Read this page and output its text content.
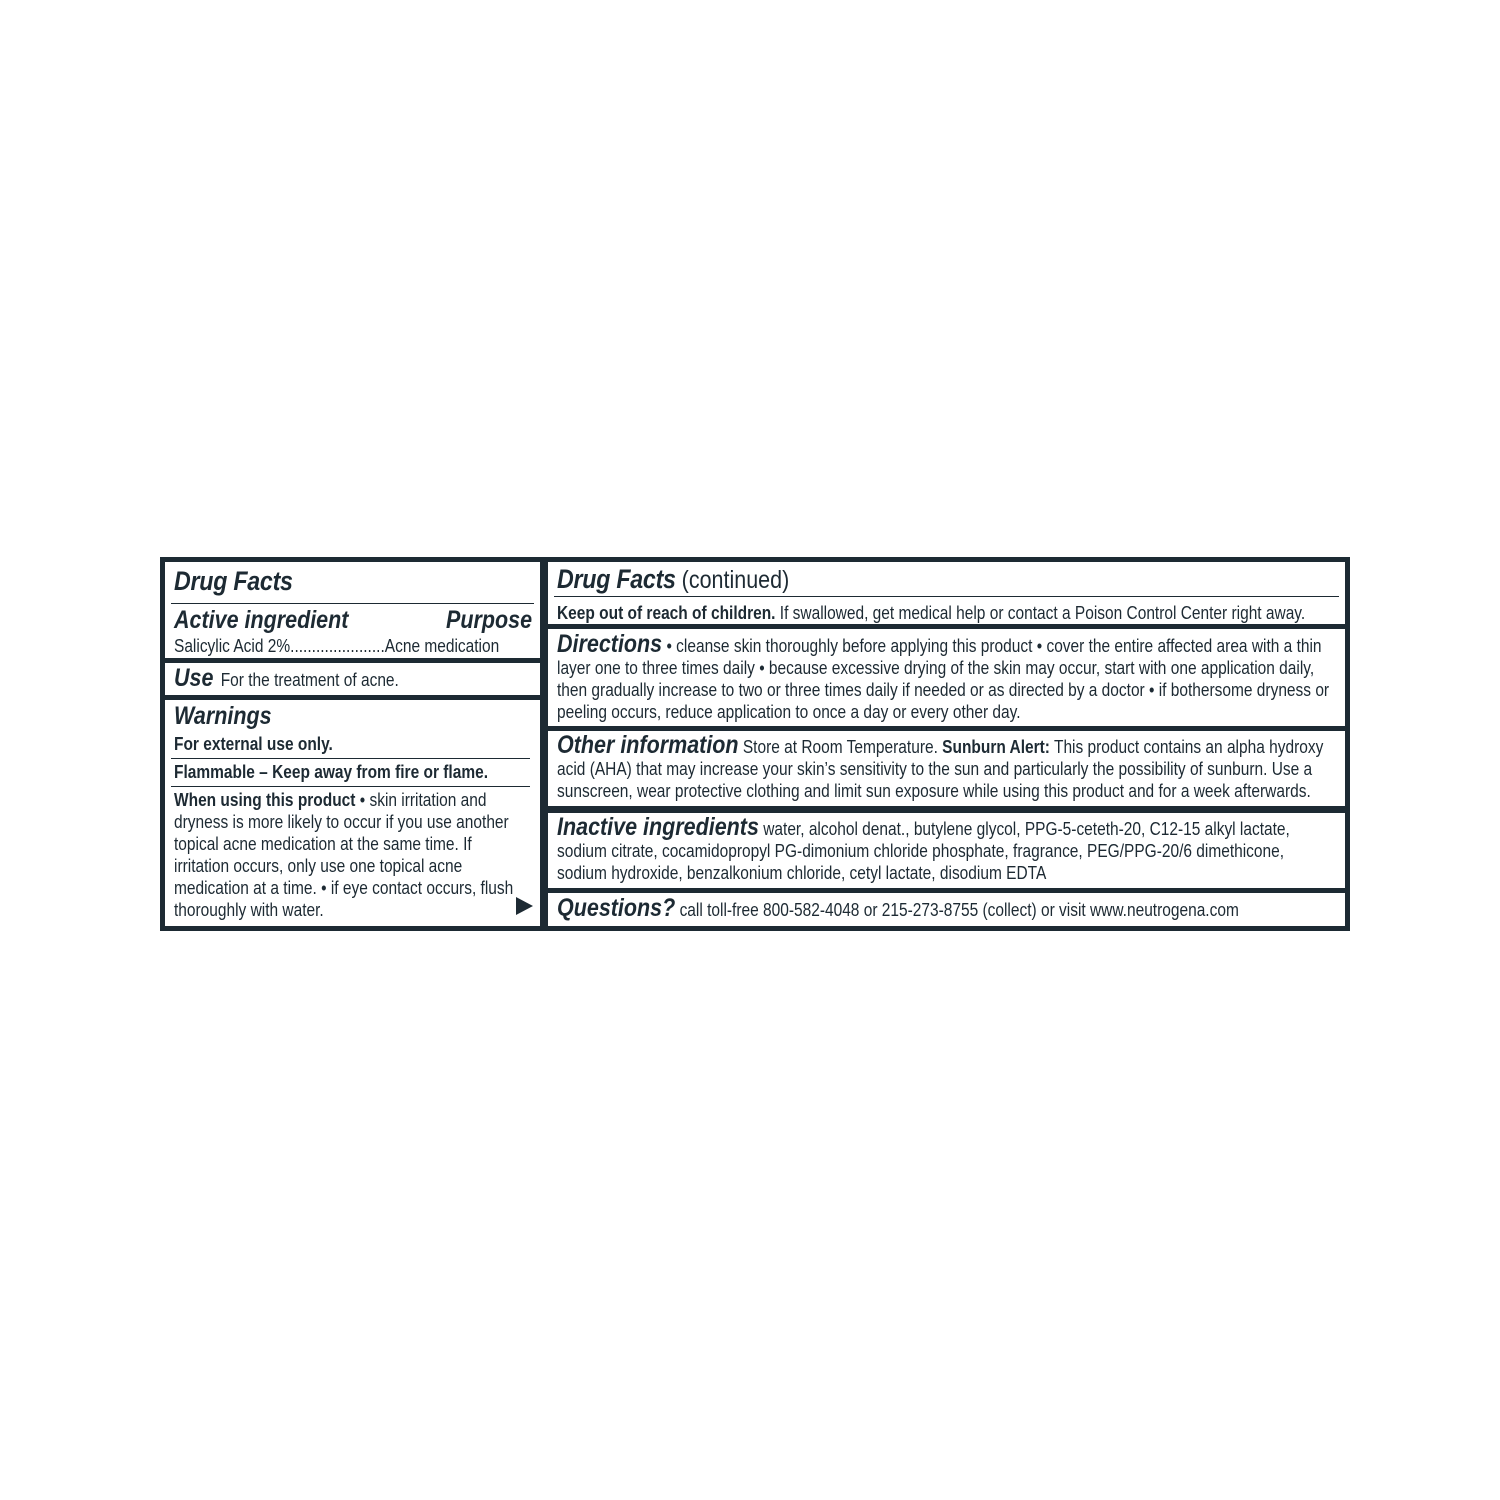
Drug Facts
Active ingredient	Purpose
Salicylic Acid 2%......................Acne medication
Use For the treatment of acne.
Warnings
For external use only.
Flammable – Keep away from fire or flame.
When using this product • skin irritation and dryness is more likely to occur if you use another topical acne medication at the same time. If irritation occurs, only use one topical acne medication at a time. • if eye contact occurs, flush thoroughly with water.
Drug Facts (continued)
Keep out of reach of children. If swallowed, get medical help or contact a Poison Control Center right away.
Directions • cleanse skin thoroughly before applying this product • cover the entire affected area with a thin layer one to three times daily • because excessive drying of the skin may occur, start with one application daily, then gradually increase to two or three times daily if needed or as directed by a doctor • if bothersome dryness or peeling occurs, reduce application to once a day or every other day.
Other information Store at Room Temperature. Sunburn Alert: This product contains an alpha hydroxy acid (AHA) that may increase your skin’s sensitivity to the sun and particularly the possibility of sunburn. Use a sunscreen, wear protective clothing and limit sun exposure while using this product and for a week afterwards.
Inactive ingredients water, alcohol denat., butylene glycol, PPG-5-ceteth-20, C12-15 alkyl lactate, sodium citrate, cocamidopropyl PG-dimonium chloride phosphate, fragrance, PEG/PPG-20/6 dimethicone, sodium hydroxide, benzalkonium chloride, cetyl lactate, disodium EDTA
Questions? call toll-free 800-582-4048 or 215-273-8755 (collect) or visit www.neutrogena.com
